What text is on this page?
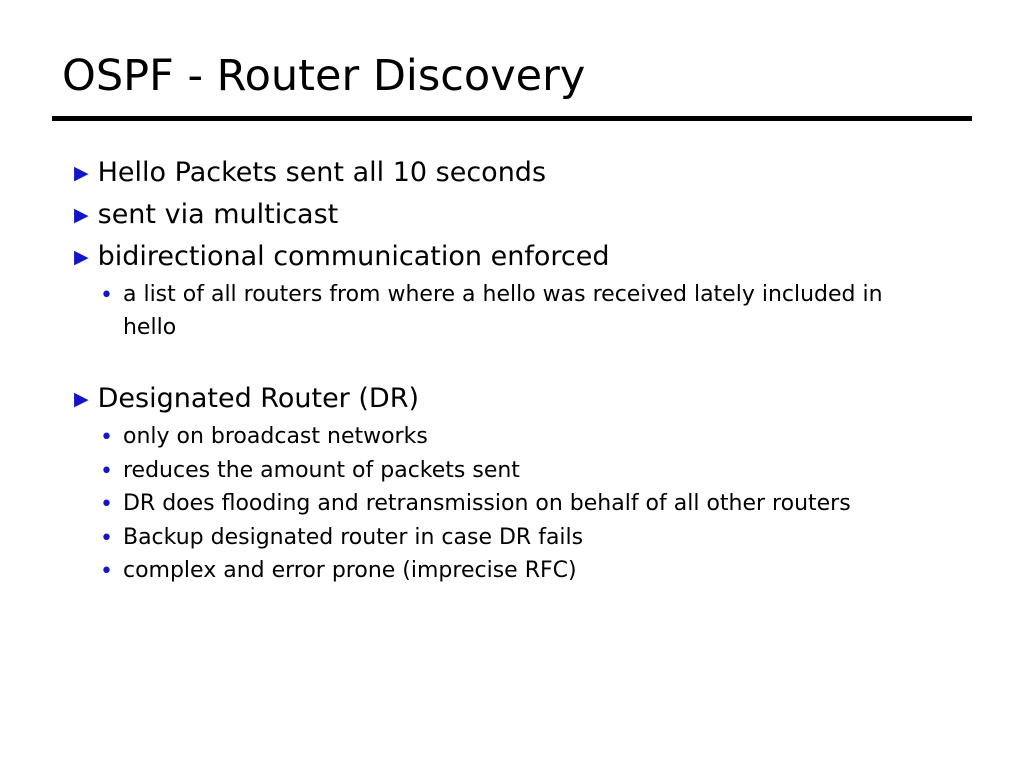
OSPF - Router Discovery
▶ Hello Packets sent all 10 seconds
▶ sent via multicast
▶ bidirectional communication enforced
• a list of all routers from where a hello was received lately included in hello
▶ Designated Router (DR)
• only on broadcast networks
• reduces the amount of packets sent
• DR does flooding and retransmission on behalf of all other routers
• Backup designated router in case DR fails
• complex and error prone (imprecise RFC)
